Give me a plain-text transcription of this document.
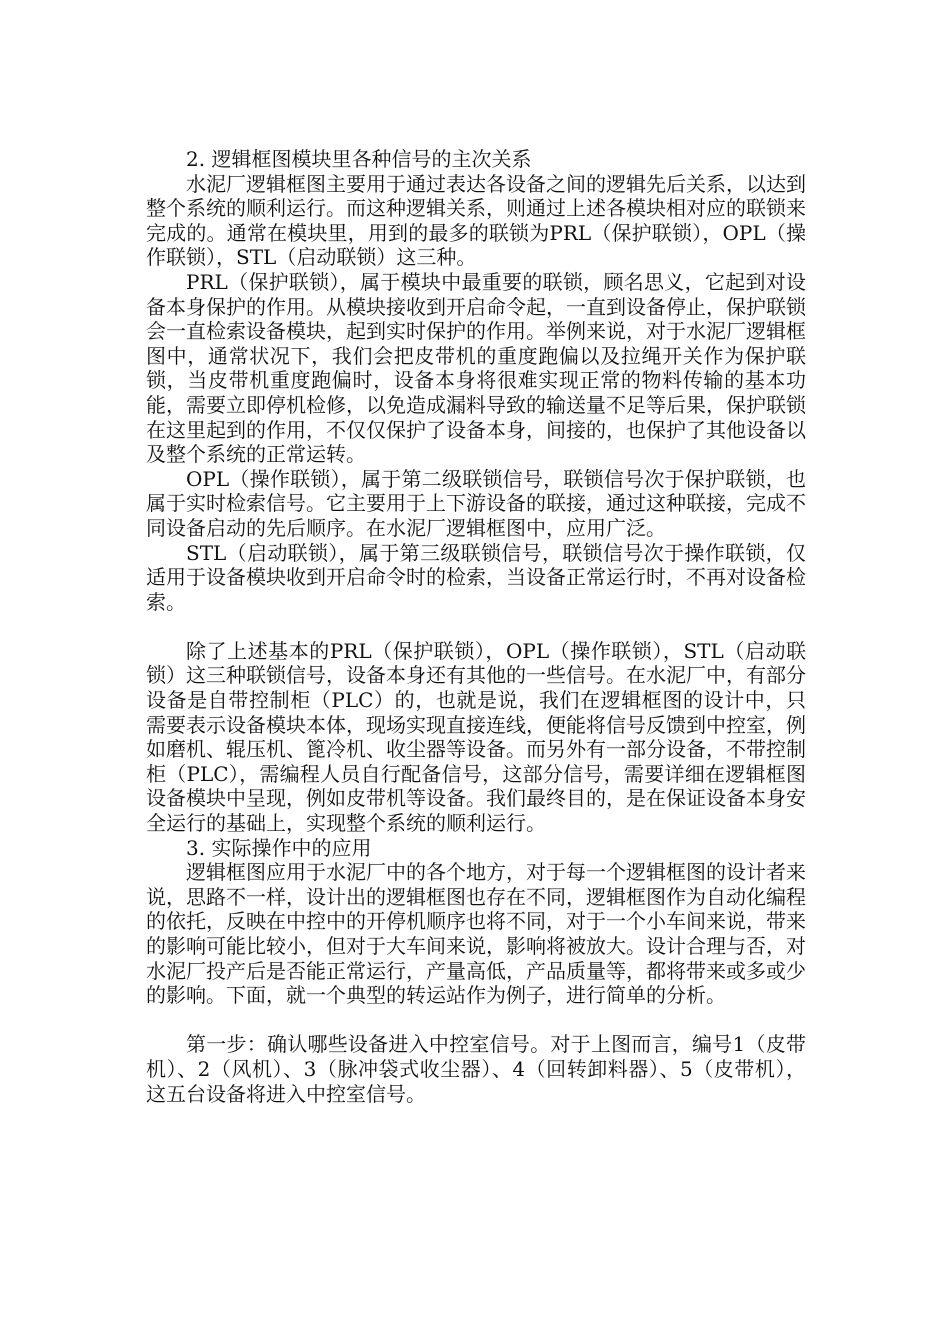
2. 逻辑框图模块里各种信号的主次关系

水泥厂逻辑框图主要用于通过表达各设备之间的逻辑先后关系，以达到整个系统的顺利运行。而这种逻辑关系，则通过上述各模块相对应的联锁来完成的。通常在模块里，用到的最多的联锁为PRL（保护联锁），OPL（操作联锁），STL（启动联锁）这三种。

PRL（保护联锁），属于模块中最重要的联锁，顾名思义，它起到对设备本身保护的作用。从模块接收到开启命令起，一直到设备停止，保护联锁会一直检索设备模块，起到实时保护的作用。举例来说，对于水泥厂逻辑框图中，通常状况下，我们会把皮带机的重度跑偏以及拉绳开关作为保护联锁，当皮带机重度跑偏时，设备本身将很难实现正常的物料传输的基本功能，需要立即停机检修，以免造成漏料导致的输送量不足等后果，保护联锁在这里起到的作用，不仅仅保护了设备本身，间接的，也保护了其他设备以及整个系统的正常运转。

OPL（操作联锁），属于第二级联锁信号，联锁信号次于保护联锁，也属于实时检索信号。它主要用于上下游设备的联接，通过这种联接，完成不同设备启动的先后顺序。在水泥厂逻辑框图中，应用广泛。

STL（启动联锁），属于第三级联锁信号，联锁信号次于操作联锁，仅适用于设备模块收到开启命令时的检索，当设备正常运行时，不再对设备检索。

除了上述基本的PRL（保护联锁），OPL（操作联锁），STL（启动联锁）这三种联锁信号，设备本身还有其他的一些信号。在水泥厂中，有部分设备是自带控制柜（PLC）的，也就是说，我们在逻辑框图的设计中，只需要表示设备模块本体，现场实现直接连线，便能将信号反馈到中控室，例如磨机、辊压机、篦冷机、收尘器等设备。而另外有一部分设备，不带控制柜（PLC），需编程人员自行配备信号，这部分信号，需要详细在逻辑框图设备模块中呈现，例如皮带机等设备。我们最终目的，是在保证设备本身安全运行的基础上，实现整个系统的顺利运行。

3. 实际操作中的应用

逻辑框图应用于水泥厂中的各个地方，对于每一个逻辑框图的设计者来说，思路不一样，设计出的逻辑框图也存在不同，逻辑框图作为自动化编程的依托，反映在中控中的开停机顺序也将不同，对于一个小车间来说，带来的影响可能比较小，但对于大车间来说，影响将被放大。设计合理与否，对水泥厂投产后是否能正常运行，产量高低，产品质量等，都将带来或多或少的影响。下面，就一个典型的转运站作为例子，进行简单的分析。

第一步：确认哪些设备进入中控室信号。对于上图而言，编号1（皮带机）、2（风机）、3（脉冲袋式收尘器）、4（回转卸料器）、5（皮带机），这五台设备将进入中控室信号。
